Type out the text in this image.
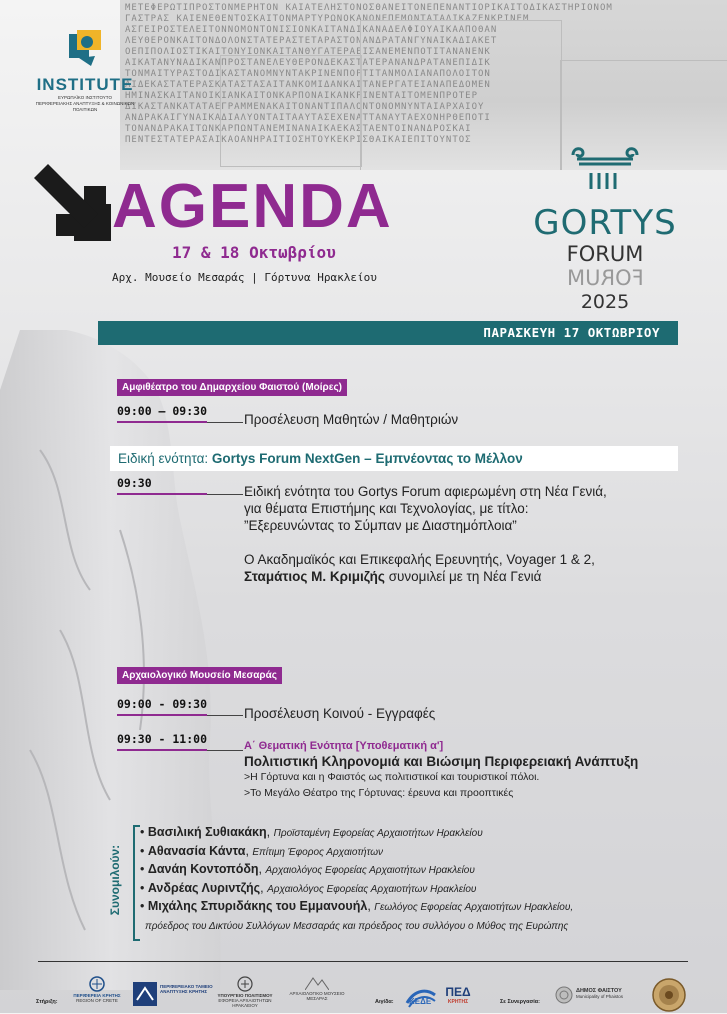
ΜΕΤΕΦΕΡΩΤΙΠΡΟΣΤΟΝΜΕΡΗΤΟΝ ΚΑΙΑΤΕΛΗΣΤΟΝΟΣΘΑΝΕΙΤΟΝΕΠΕΝΑΝΤΙΟΡΙΚΑΙΤΟΔΙΚΑΣΤΗΡΙΟΝΟΜ
ΓΑΣΤΡΑΣ ΚΑΙΕΝΕΘΕΝΤΟΣΚΑΙΤΟΝΜΑΡΤΥΡΩΝΟΚΑΝΟΝΕΠΕΜΟΝΤΑΤΑΔΙΚΑΖΕΝΚΡΙΝΕΜ
ΑΣΓΕΙΡΟΣΤΕΛΕΙΤΟΝΝΟΜΟΝΤΟΝΙΣΙΟΝΚΑΙΤΑΝΔΙΚΑΝΑΔΕΛΦΙΟΥΑΙΚΑΑΠΟΘΑΝ
ΛΕΥΘΕΡΟΝΚΑΙΤΟΝΔΟΛΟΝΣΤΑΤΕΡΑΣΤΕΤΑΡΑΣΤΟΝΑΝΔΡΑΤΑΝΓΥΝΑΙΚΑΔΙΑΚΕΤ
ΟΕΠΙΠΟΛΙΟΣΤΙΚΑΙΤΟΝΥΙΟΝΚΑΙΤΑΝΘΥΓΑΤΕΡΑΕΙΣΑΝΕΜΕΝΠΟΤΙΤΑΝΑΝΕΝΚ
ΑΙΚΑΤΑΝΥΝΑΔΙΚΑΝΠΡΟΣΤΑΝΕΛΕΥΘΕΡΟΝΔΕΚΑΣΤΑΤΕΡΑΝΑΝΔΡΑΤΑΝΕΠΙΔΙΚ
ΤΟΝΜΑΙΤΥΡΑΣΤΟΔΙΚΑΣΤΑΝΟΜΝΥΝΤΑΚΡΙΝΕΝΠΟΡΤΙΤΑΝΜΟΛΙΑΝΑΠΟΛΟΙΤΟΝ
ΑΙΔΕΚΑΣΤΑΤΕΡΑΣΚΑΤΑΣΤΑΣΑΙΤΑΝΚΟΜΙΔΑΝΚΑΙΤΑΝΕΡΓΑΤΕΙΑΝΑΠΕΔΟΜΕΝ
ΗΜΙΝΑΣΚΑΙΤΑΝΟΙΚΙΑΝΚΑΙΤΟΝΚΑΡΠΟΝΑΙΚΑΝΚΡΙΝΕΝΤΑΙΤΟΜΕΝΠΡΟΤΕΡ
ΔΙΚΑΣΤΑΝΚΑΤΑΤΑΕΓΡΑΜΜΕΝΑΚΑΙΤΟΝΑΝΤΙΠΑΛΟΝΤΟΝΟΜΝΥΝΤΑΙΑΡΧΑΙΟΥ
ΑΝΔΡΑΚΑΙΓΥΝΑΙΚΑΔΙΑΛΥΟΝΤΑΙΤΑΑΥΤΑΣΕΧΕΝΑΤΤΑΝΑΥΤΑΕΧΟΝΗΡΘΕΠΟΤΙ
ΤΟΝΑΝΔΡΑΚΑΙΤΩΝΚΑΡΠΩΝΤΑΝΕΜΙΝΑΝΑΙΚΑΕΚΑΣΤΑΕΝΤΟΙΝΑΝΔΡΟΣΚΑΙ
ΠΕΝΤΕΣΤΑΤΕΡΑΣΑΙΚΑΟΑΝΗΡΑΙΤΙΟΣΗΤΟΥΚΕΚΡΙΣΘΑΙΚΑΙΕΠΙΤΟΥΝΤΟΣ
INSTITUTE
ΕΥΡΩΠΑΪΚΟ ΙΝΣΤΙΤΟΥΤΟ
ΠΕΡΙΦΕΡΕΙΑΚΗΣ ΑΝΑΠΤΥΞΗΣ & ΚΟΙΝΩΝΙΚΩΝ ΠΟΛΙΤΙΚΩΝ
AGENDA
17 & 18 Οκτωβρίου
Αρχ. Μουσείο Μεσαράς | Γόρτυνα Ηρακλείου
GORTYS
FORUMFORUM
2025
ΠΑΡΑΣΚΕΥΗ 17 ΟΚΤΩΒΡΙΟΥ
Αμφιθέατρο του Δημαρχείου Φαιστού (Μοίρες)
09:00 – 09:30
Προσέλευση Μαθητών / Μαθητριών
Ειδική ενότητα: Gortys Forum NextGen – Εμπνέοντας το Μέλλον
09:30
Ειδική ενότητα του Gortys Forum αφιερωμένη στη Νέα Γενιά,
για θέματα Επιστήμης και Τεχνολογίας, με τίτλο:
”Εξερευνώντας το Σύμπαν με Διαστημόπλοια”
Ο Ακαδημαϊκός και Επικεφαλής Ερευνητής, Voyager 1 & 2,
Σταμάτιος Μ. Κριμιζής συνομιλεί με τη Νέα Γενιά
Αρχαιολογικό Μουσείο Μεσαράς
09:00 - 09:30
Προσέλευση Κοινού - Εγγραφές
09:30 - 11:00	Α΄ Θεματική Ενότητα [Υποθεματική α']
Πολιτιστική Κληρονομιά και Βιώσιμη Περιφερειακή Ανάπτυξη
>Η Γόρτυνα και η Φαιστός ως πολιτιστικοί και τουριστικοί πόλοι.
>Το Μεγάλο Θέατρο της Γόρτυνας: έρευνα και προοπτικές
Συνομιλούν:
• Βασιλική Συθιακάκη, Προϊσταμένη Εφορείας Αρχαιοτήτων Ηρακλείου
• Αθανασία Κάντα, Επίτιμη Έφορος Αρχαιοτήτων
• Δανάη Κοντοπόδη, Αρχαιολόγος Εφορείας Αρχαιοτήτων Ηρακλείου
• Ανδρέας Λυριντζής, Αρχαιολόγος Εφορείας Αρχαιοτήτων Ηρακλείου
• Μιχάλης Σπυριδάκης του Εμμανουήλ, Γεωλόγος Εφορείας Αρχαιοτήτων Ηρακλείου,
πρόεδρος του Δικτύου Συλλόγων Μεσσαράς και πρόεδρος του συλλόγου ο Μύθος της Ευρώπης
Στήριξη:
ΠΕΡΙΦΕΡΕΙΑ ΚΡΗΤΗΣ
REGION OF CRETE
ΠΕΡΙΦΕΡΕΙΑΚΟ ΤΑΜΕΙΟ ΑΝΑΠΤΥΞΗΣ ΚΡΗΤΗΣ
ΥΠΟΥΡΓΕΙΟ ΠΟΛΙΤΙΣΜΟΥ
ΕΦΟΡΕΙΑ ΑΡΧΑΙΟΤΗΤΩΝ ΗΡΑΚΛΕΙΟΥ
ΑΡΧΑΙΟΛΟΓΙΚΟ ΜΟΥΣΕΙΟ ΜΕΣΑΡΑΣ
Αιγίδα: ΚΕΔΕ
ΠΕΔ
ΚΡΗΤΗΣ	Σε Συνεργασία:
ΔΗΜΟΣ ΦΑΙΣΤΟΥ
Municipality of Phaistos
